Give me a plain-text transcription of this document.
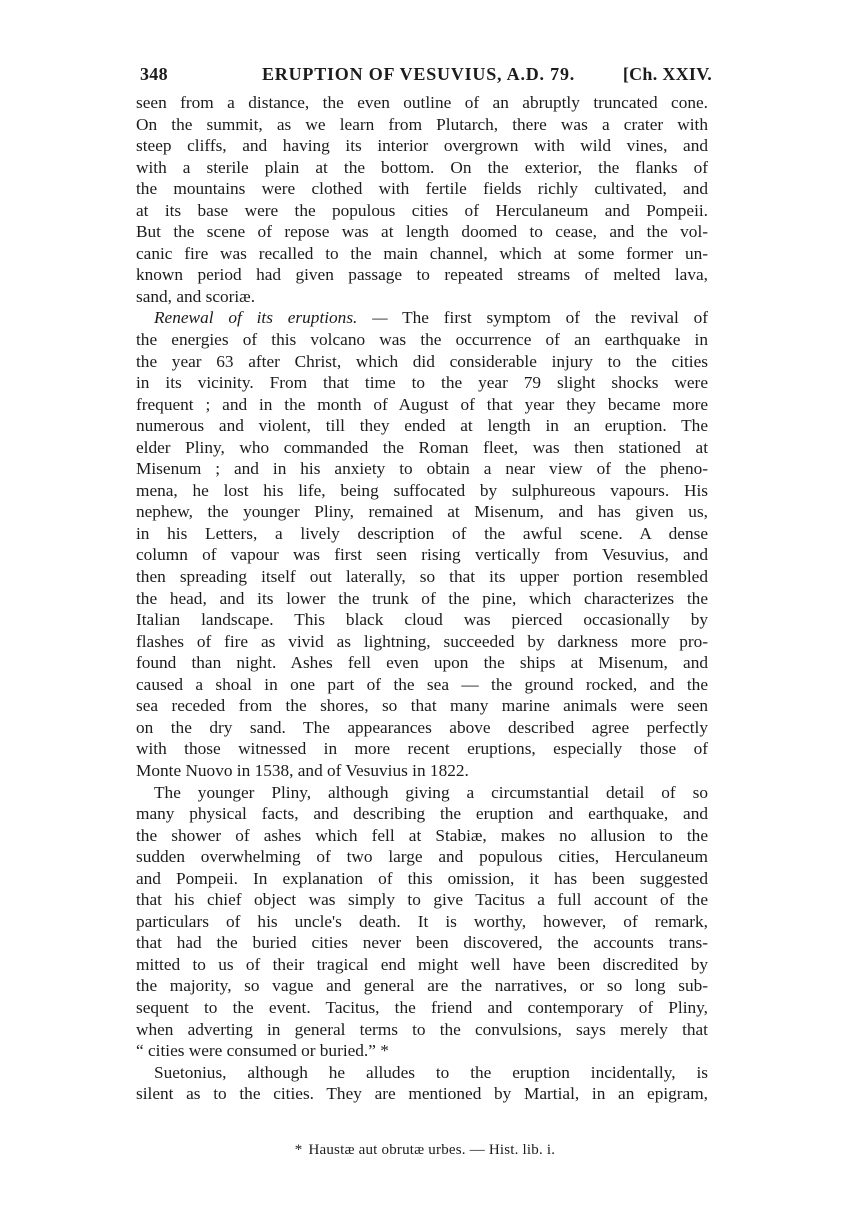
348	ERUPTION OF VESUVIUS, A.D. 79.	[Ch. XXIV.
seen from a distance, the even outline of an abruptly truncated cone.
On the summit, as we learn from Plutarch, there was a crater with
steep cliffs, and having its interior overgrown with wild vines, and
with a sterile plain at the bottom. On the exterior, the flanks of
the mountains were clothed with fertile fields richly cultivated, and
at its base were the populous cities of Herculaneum and Pompeii.
But the scene of repose was at length doomed to cease, and the vol-
canic fire was recalled to the main channel, which at some former un-
known period had given passage to repeated streams of melted lava,
sand, and scoriæ.
Renewal of its eruptions. — The first symptom of the revival of
the energies of this volcano was the occurrence of an earthquake in
the year 63 after Christ, which did considerable injury to the cities
in its vicinity. From that time to the year 79 slight shocks were
frequent ; and in the month of August of that year they became more
numerous and violent, till they ended at length in an eruption. The
elder Pliny, who commanded the Roman fleet, was then stationed at
Misenum ; and in his anxiety to obtain a near view of the pheno-
mena, he lost his life, being suffocated by sulphureous vapours. His
nephew, the younger Pliny, remained at Misenum, and has given us,
in his Letters, a lively description of the awful scene. A dense
column of vapour was first seen rising vertically from Vesuvius, and
then spreading itself out laterally, so that its upper portion resembled
the head, and its lower the trunk of the pine, which characterizes the
Italian landscape. This black cloud was pierced occasionally by
flashes of fire as vivid as lightning, succeeded by darkness more pro-
found than night. Ashes fell even upon the ships at Misenum, and
caused a shoal in one part of the sea — the ground rocked, and the
sea receded from the shores, so that many marine animals were seen
on the dry sand. The appearances above described agree perfectly
with those witnessed in more recent eruptions, especially those of
Monte Nuovo in 1538, and of Vesuvius in 1822.
The younger Pliny, although giving a circumstantial detail of so
many physical facts, and describing the eruption and earthquake, and
the shower of ashes which fell at Stabiæ, makes no allusion to the
sudden overwhelming of two large and populous cities, Herculaneum
and Pompeii. In explanation of this omission, it has been suggested
that his chief object was simply to give Tacitus a full account of the
particulars of his uncle's death. It is worthy, however, of remark,
that had the buried cities never been discovered, the accounts trans-
mitted to us of their tragical end might well have been discredited by
the majority, so vague and general are the narratives, or so long sub-
sequent to the event. Tacitus, the friend and contemporary of Pliny,
when adverting in general terms to the convulsions, says merely that
“ cities were consumed or buried.” *
Suetonius, although he alludes to the eruption incidentally, is
silent as to the cities. They are mentioned by Martial, in an epigram,
* Haustæ aut obrutæ urbes. — Hist. lib. i.
